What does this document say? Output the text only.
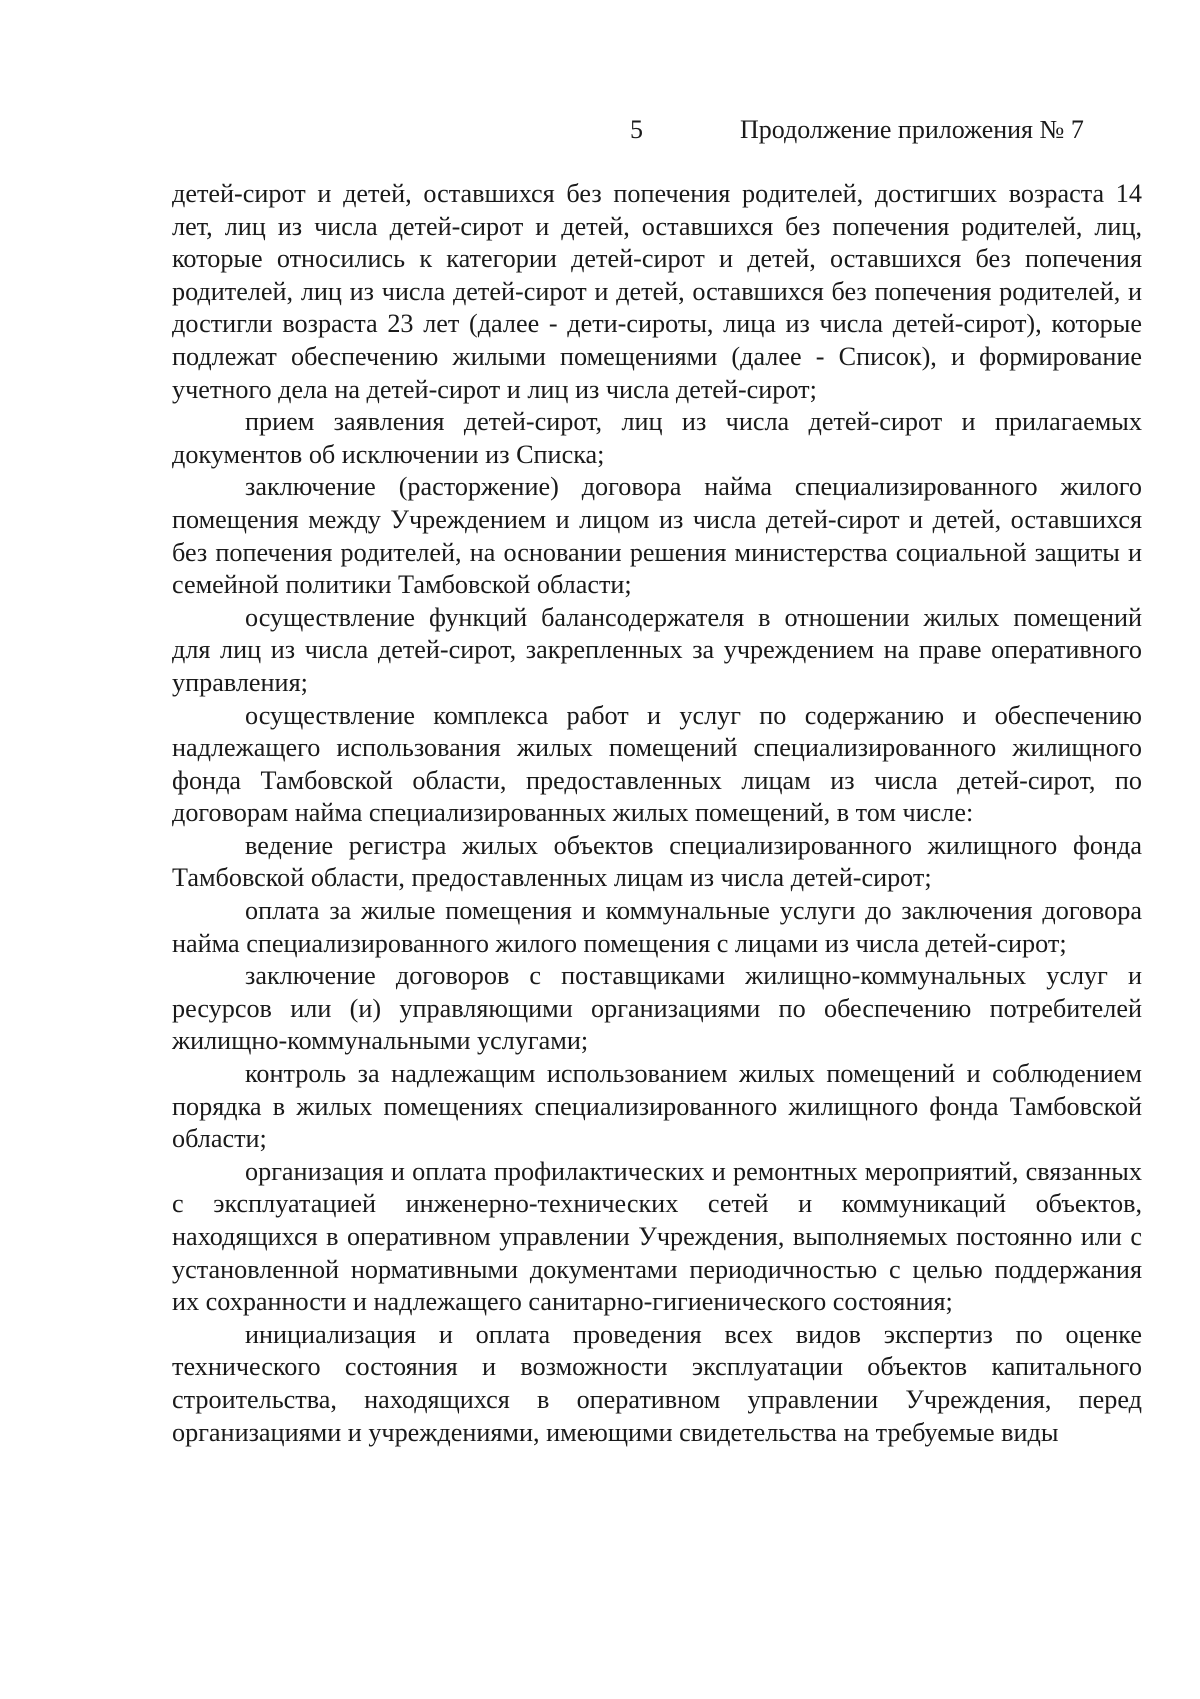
5	Продолжение приложения № 7

детей-сирот и детей, оставшихся без попечения родителей, достигших возраста 14 лет, лиц из числа детей-сирот и детей, оставшихся без попечения родителей, лиц, которые относились к категории детей-сирот и детей, оставшихся без попечения родителей, лиц из числа детей-сирот и детей, оставшихся без попечения родителей, и достигли возраста 23 лет (далее - дети-сироты, лица из числа детей-сирот), которые подлежат обеспечению жилыми помещениями (далее - Список), и формирование учетного дела на детей-сирот и лиц из числа детей-сирот;

прием заявления детей-сирот, лиц из числа детей-сирот и прилагаемых документов об исключении из Списка;

заключение (расторжение) договора найма специализированного жилого помещения между Учреждением и лицом из числа детей-сирот и детей, оставшихся без попечения родителей, на основании решения министерства социальной защиты и семейной политики Тамбовской области;

осуществление функций балансодержателя в отношении жилых помещений для лиц из числа детей-сирот, закрепленных за учреждением на праве оперативного управления;

осуществление комплекса работ и услуг по содержанию и обеспечению надлежащего использования жилых помещений специализированного жилищного фонда Тамбовской области, предоставленных лицам из числа детей-сирот, по договорам найма специализированных жилых помещений, в том числе:

ведение регистра жилых объектов специализированного жилищного фонда Тамбовской области, предоставленных лицам из числа детей-сирот;

оплата за жилые помещения и коммунальные услуги до заключения договора найма специализированного жилого помещения с лицами из числа детей-сирот;

заключение договоров с поставщиками жилищно-коммунальных услуг и ресурсов или (и) управляющими организациями по обеспечению потребителей жилищно-коммунальными услугами;

контроль за надлежащим использованием жилых помещений и соблюдением порядка в жилых помещениях специализированного жилищного фонда Тамбовской области;

организация и оплата профилактических и ремонтных мероприятий, связанных с эксплуатацией инженерно-технических сетей и коммуникаций объектов, находящихся в оперативном управлении Учреждения, выполняемых постоянно или с установленной нормативными документами периодичностью с целью поддержания их сохранности и надлежащего санитарно-гигиенического состояния;

инициализация и оплата проведения всех видов экспертиз по оценке технического состояния и возможности эксплуатации объектов капитального строительства, находящихся в оперативном управлении Учреждения, перед организациями и учреждениями, имеющими свидетельства на требуемые виды
